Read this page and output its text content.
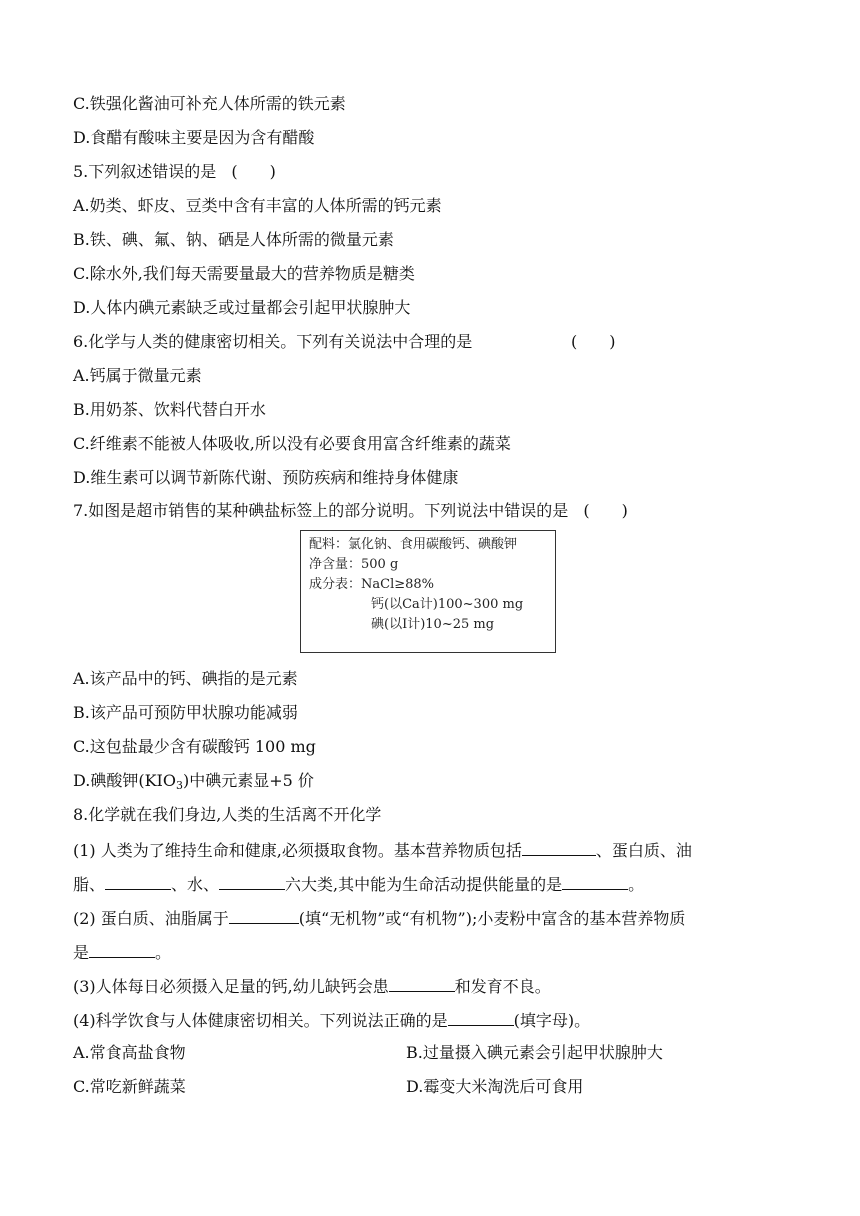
C.铁强化酱油可补充人体所需的铁元素
D.食醋有酸味主要是因为含有醋酸
5.下列叙述错误的是 (　　)
A.奶类、虾皮、豆类中含有丰富的人体所需的钙元素
B.铁、碘、氟、钠、硒是人体所需的微量元素
C.除水外,我们每天需要量最大的营养物质是糖类
D.人体内碘元素缺乏或过量都会引起甲状腺肿大
6.化学与人类的健康密切相关。下列有关说法中合理的是	(　　)
A.钙属于微量元素
B.用奶茶、饮料代替白开水
C.纤维素不能被人体吸收,所以没有必要食用富含纤维素的蔬菜
D.维生素可以调节新陈代谢、预防疾病和维持身体健康
7.如图是超市销售的某种碘盐标签上的部分说明。下列说法中错误的是 (　　)
配料：氯化钠、食用碳酸钙、碘酸钾
净含量：500 g
成分表：NaCl≥88%
钙(以Ca计)100~300 mg
碘(以I计)10~25 mg
A.该产品中的钙、碘指的是元素
B.该产品可预防甲状腺功能减弱
C.这包盐最少含有碳酸钙 100 mg
D.碘酸钾$(KIO_3)$中碘元素显+5 价
8.化学就在我们身边,人类的生活离不开化学
(1) 人类为了维持生命和健康,必须摄取食物。基本营养物质包括	、蛋白质、油
脂、	、水、	六大类,其中能为生命活动提供能量的是	。
(2) 蛋白质、油脂属于	(填“无机物”或“有机物”);小麦粉中富含的基本营养物质
是	。
(3)人体每日必须摄入足量的钙,幼儿缺钙会患	和发育不良。
(4)科学饮食与人体健康密切相关。下列说法正确的是	(填字母)。
A.常食高盐食物	B.过量摄入碘元素会引起甲状腺肿大
C.常吃新鲜蔬菜	D.霉变大米淘洗后可食用
